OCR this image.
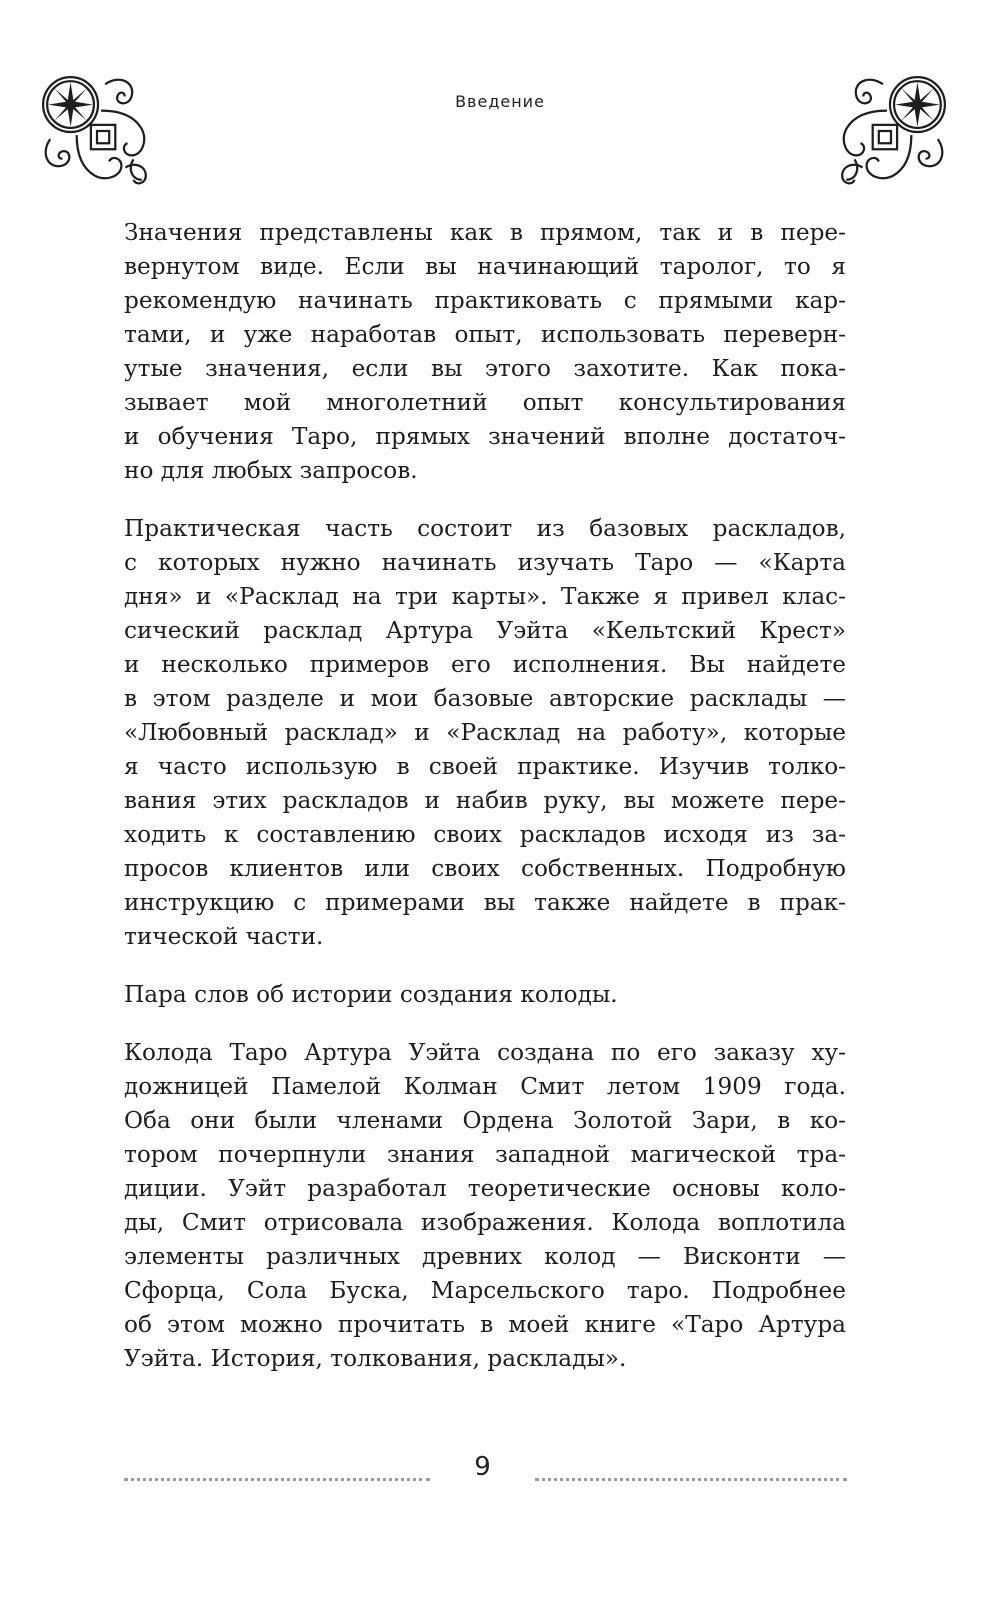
Введение

Значения представлены как в прямом, так и в пере-
вернутом виде. Если вы начинающий таролог, то я
рекомендую начинать практиковать с прямыми кар-
тами, и уже наработав опыт, использовать переверн-
утые значения, если вы этого захотите. Как пока-
зывает мой многолетний опыт консультирования
и обучения Таро, прямых значений вполне достаточ-
но для любых запросов.

Практическая часть состоит из базовых раскладов,
с которых нужно начинать изучать Таро — «Карта
дня» и «Расклад на три карты». Также я привел клас-
сический расклад Артура Уэйта «Кельтский Крест»
и несколько примеров его исполнения. Вы найдете
в этом разделе и мои базовые авторские расклады —
«Любовный расклад» и «Расклад на работу», которые
я часто использую в своей практике. Изучив толко-
вания этих раскладов и набив руку, вы можете пере-
ходить к составлению своих раскладов исходя из за-
просов клиентов или своих собственных. Подробную
инструкцию с примерами вы также найдете в прак-
тической части.

Пара слов об истории создания колоды.

Колода Таро Артура Уэйта создана по его заказу ху-
дожницей Памелой Колман Смит летом 1909 года.
Оба они были членами Ордена Золотой Зари, в ко-
тором почерпнули знания западной магической тра-
диции. Уэйт разработал теоретические основы коло-
ды, Смит отрисовала изображения. Колода воплотила
элементы различных древних колод — Висконти —
Сфорца, Сола Буска, Марсельского таро. Подробнее
об этом можно прочитать в моей книге «Таро Артура
Уэйта. История, толкования, расклады».

9
